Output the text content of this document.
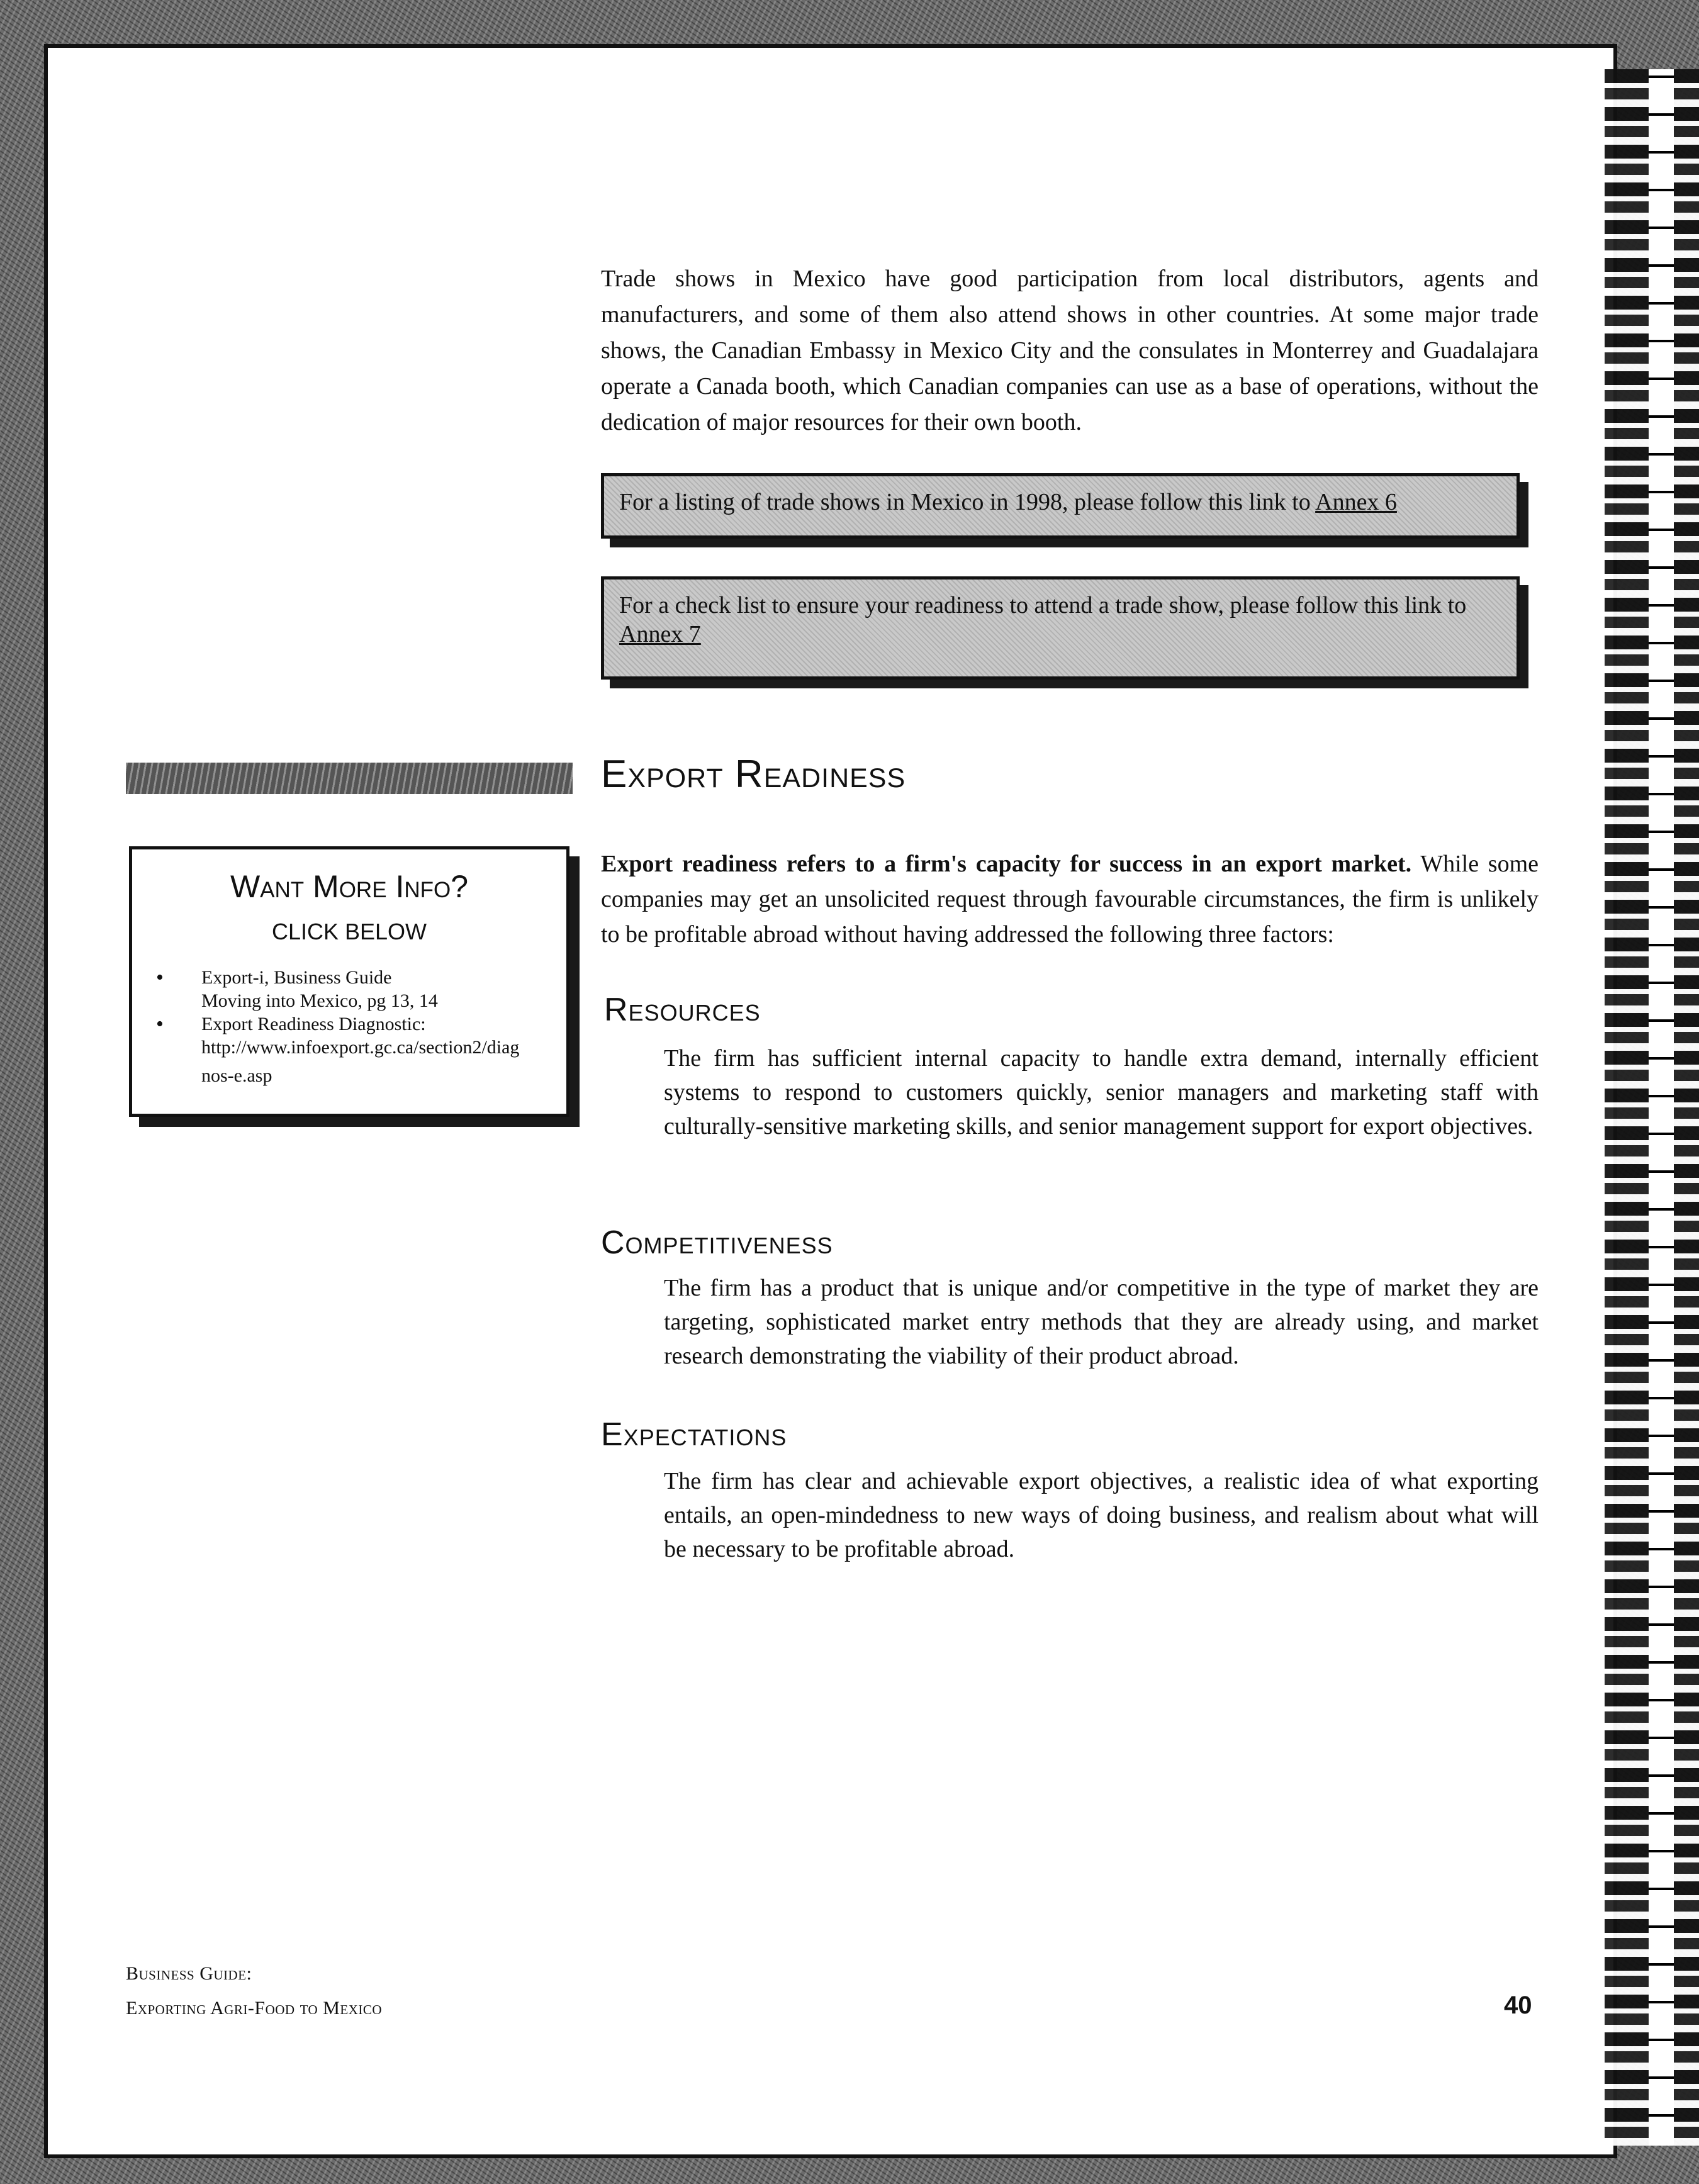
Trade shows in Mexico have good participation from local distributors, agents and manufacturers, and some of them also attend shows in other countries. At some major trade shows, the Canadian Embassy in Mexico City and the consulates in Monterrey and Guadalajara operate a Canada booth, which Canadian companies can use as a base of operations, without the dedication of major resources for their own booth.
For a listing of trade shows in Mexico in 1998, please follow this link to Annex 6
For a check list to ensure your readiness to attend a trade show, please follow this link to Annex 7
Export Readiness
Want More Info?
CLICK BELOW
• Export-i, Business Guide
Moving into Mexico, pg 13, 14
• Export Readiness Diagnostic:
http://www.infoexport.gc.ca/section2/diag
nos-e.asp
Export readiness refers to a firm's capacity for success in an export market. While some companies may get an unsolicited request through favourable circumstances, the firm is unlikely to be profitable abroad without having addressed the following three factors:
Resources
The firm has sufficient internal capacity to handle extra demand, internally efficient systems to respond to customers quickly, senior managers and marketing staff with culturally-sensitive marketing skills, and senior management support for export objectives.
Competitiveness
The firm has a product that is unique and/or competitive in the type of market they are targeting, sophisticated market entry methods that they are already using, and market research demonstrating the viability of their product abroad.
Expectations
The firm has clear and achievable export objectives, a realistic idea of what exporting entails, an open-mindedness to new ways of doing business, and realism about what will be necessary to be profitable abroad.
Business Guide:
Exporting Agri-Food to Mexico	40
